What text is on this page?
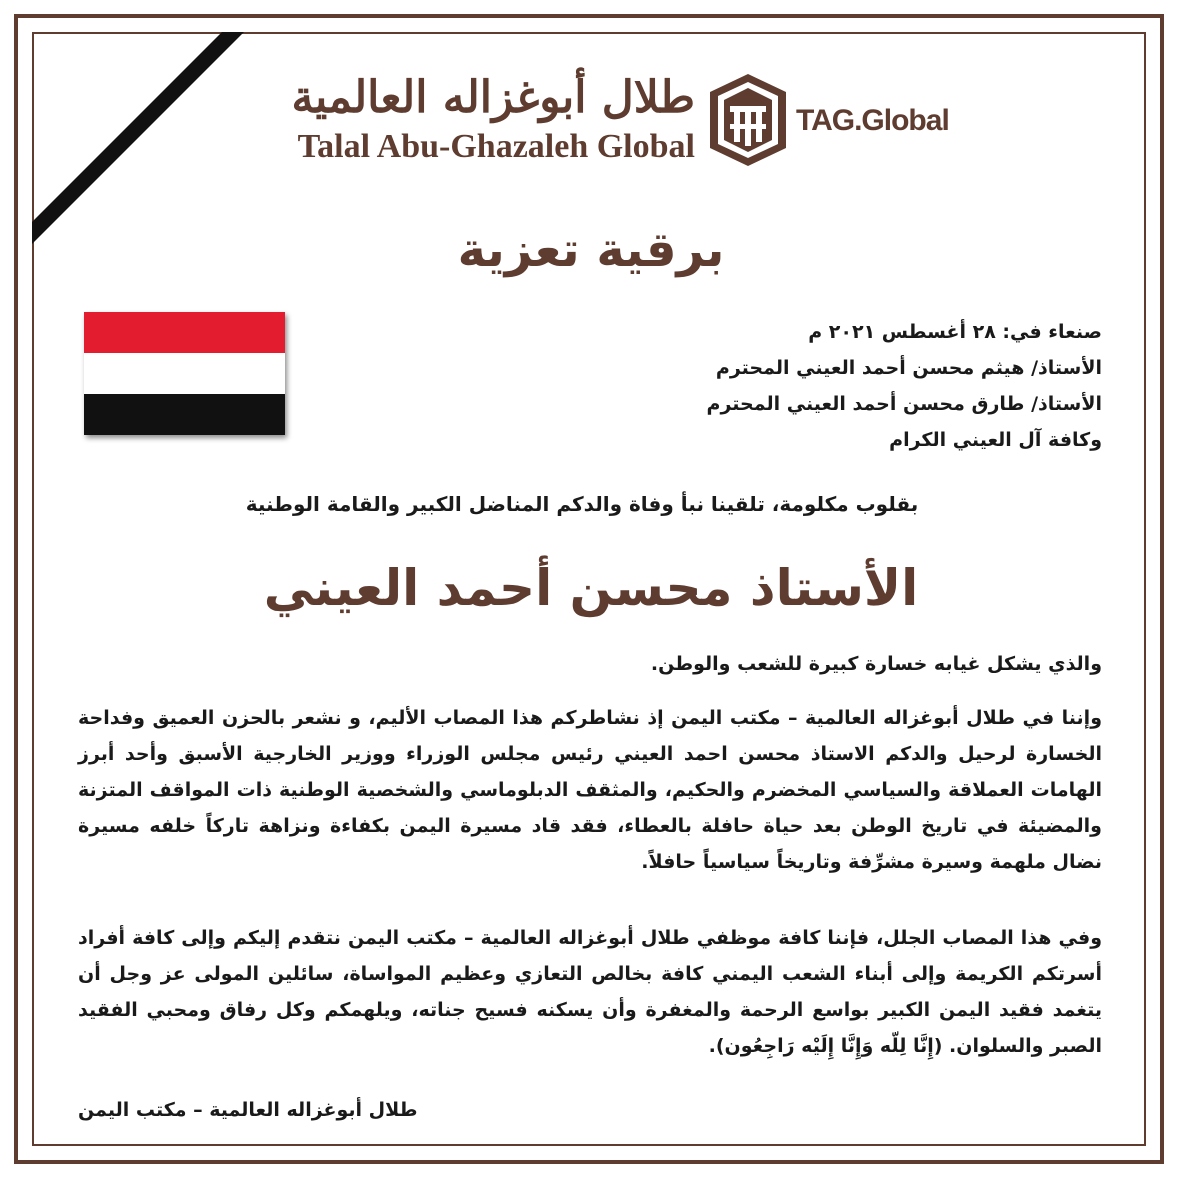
طلال أبوغزاله العالمية
Talal Abu-Ghazaleh Global
TAG.Global
برقية تعزية
صنعاء في: ٢٨ أغسطس ٢٠٢١ م
الأستاذ/ هيثم محسن أحمد العيني المحترم
الأستاذ/ طارق محسن أحمد العيني المحترم
وكافة آل العيني الكرام
بقلوب مكلومة، تلقينا نبأ وفاة والدكم المناضل الكبير والقامة الوطنية
الأستاذ محسن أحمد العيني
والذي يشكل غيابه خسارة كبيرة للشعب والوطن.
وإننا في طلال أبوغزاله العالمية – مكتب اليمن إذ نشاطركم هذا المصاب الأليم، و نشعر بالحزن العميق وفداحة الخسارة لرحيل والدكم الاستاذ محسن احمد العيني رئيس مجلس الوزراء ووزير الخارجية الأسبق وأحد أبرز الهامات العملاقة والسياسي المخضرم والحكيم، والمثقف الدبلوماسي والشخصية الوطنية ذات المواقف المتزنة والمضيئة في تاريخ الوطن بعد حياة حافلة بالعطاء، فقد قاد مسيرة اليمن بكفاءة ونزاهة تاركاً خلفه مسيرة نضال ملهمة وسيرة مشرِّفة وتاريخاً سياسياً حافلاً.
وفي هذا المصاب الجلل، فإننا كافة موظفي طلال أبوغزاله العالمية – مكتب اليمن نتقدم إليكم وإلى كافة أفراد أسرتكم الكريمة وإلى أبناء الشعب اليمني كافة بخالص التعازي وعظيم المواساة، سائلين المولى عز وجل أن يتغمد فقيد اليمن الكبير بواسع الرحمة والمغفرة وأن يسكنه فسيح جناته، ويلهمكم وكل رفاق ومحبي الفقيد الصبر والسلوان. (إِنَّا لِلّه وَإِنَّا إِلَيْه رَاجِعُون).
طلال أبوغزاله العالمية – مكتب اليمن
